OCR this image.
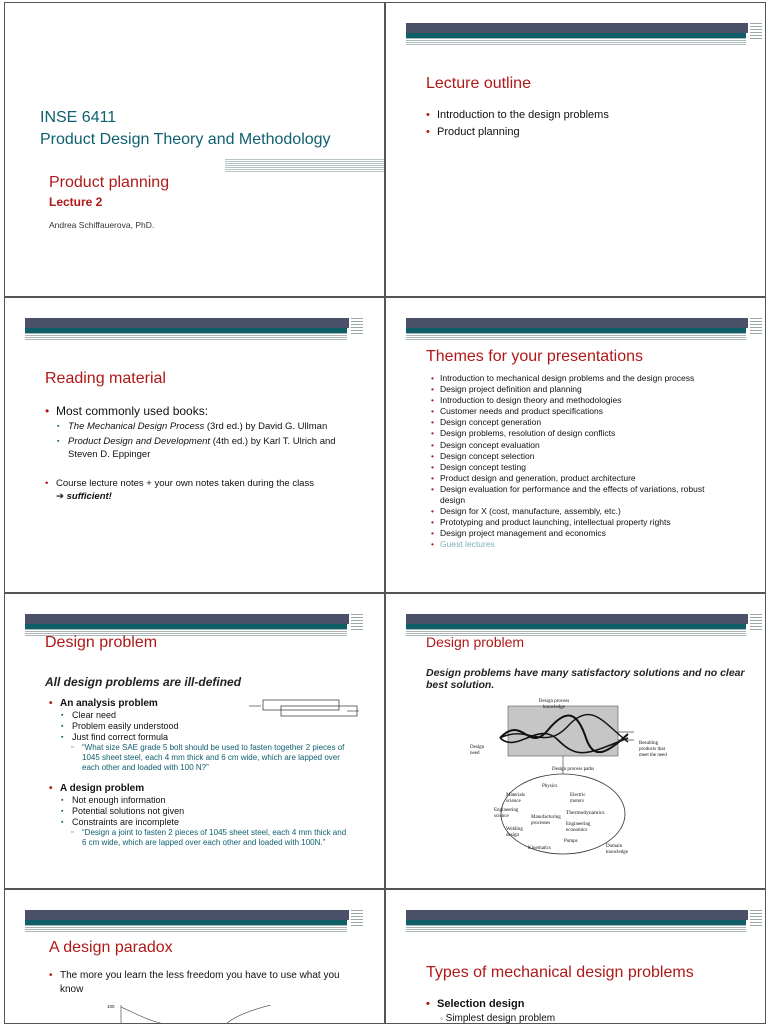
INSE 6411
Product Design Theory and Methodology
Product planning
Lecture 2
Andrea Schiffauerova, PhD.
Lecture outline
• Introduction to the design problems
• Product planning
Reading material
• Most commonly used books:
▪ The Mechanical Design Process (3rd ed.) by David G. Ullman
▪ Product Design and Development (4th ed.) by Karl T. Ulrich and Steven D. Eppinger
• Course lecture notes + your own notes taken during the class
➔ sufficient!
Themes for your presentations
• Introduction to mechanical design problems and the design process
• Design project definition and planning
• Introduction to design theory and methodologies
• Customer needs and product specifications
• Design concept generation
• Design problems, resolution of design conflicts
• Design concept evaluation
• Design concept selection
• Design concept testing
• Product design and generation, product architecture
• Design evaluation for performance and the effects of variations, robust design
• Design for X (cost, manufacture, assembly, etc.)
• Prototyping and product launching, intellectual property rights
• Design project management and economics
• Guest lectures
Design problem
All design problems are ill-defined
• An analysis problem
▪ Clear need
▪ Problem easily understood
▪ Just find correct formula
▫ “What size SAE grade 5 bolt should be used to fasten together 2 pieces of 1045 sheet steel, each 4 mm thick and 6 cm wide, which are lapped over each other and loaded with 100 N?”
• A design problem
▪ Not enough information
▪ Potential solutions not given
▪ Constraints are incomplete
▫ “Design a joint to fasten 2 pieces of 1045 sheet steel, each 4 mm thick and 6 cm wide, which are lapped over each other and loaded with 100N.”
Design problem
Design problems have many satisfactory solutions and no clear best solution.
Design process knowledge
Design need
Resulting products that meet the need
Design process paths
Domain knowledge
Physics
Materials science
Electric motors
Engineering science
Thermodynamics
Manufacturing processes
Welding design
Engineering economics
Kinematics
Pumps
A design paradox
• The more you learn the less freedom you have to use what you know
100
Types of mechanical design problems
• Selection design
◦ Simplest design problem
